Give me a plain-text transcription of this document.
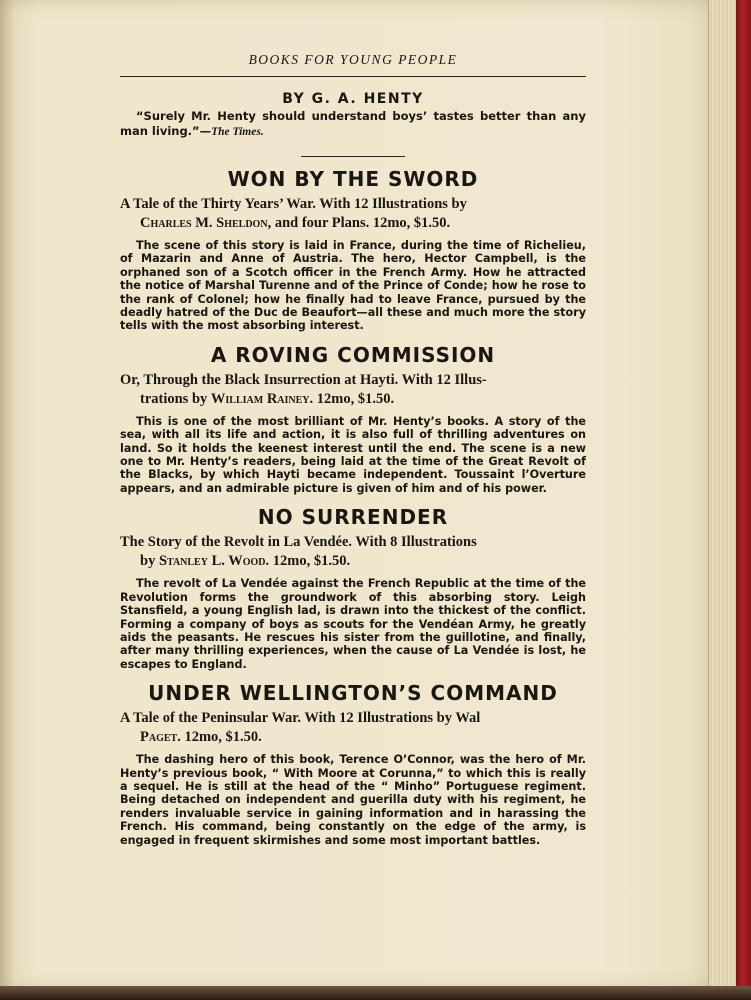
BOOKS FOR YOUNG PEOPLE

BY G. A. HENTY

“Surely Mr. Henty should understand boys’ tastes better than any man living.”—The Times.

WON BY THE SWORD

A Tale of the Thirty Years’ War. With 12 Illustrations by
Charles M. Sheldon, and four Plans. 12mo, $1.50.

The scene of this story is laid in France, during the time of Richelieu, of Mazarin and Anne of Austria. The hero, Hector Campbell, is the orphaned son of a Scotch officer in the French Army. How he attracted the notice of Marshal Turenne and of the Prince of Conde; how he rose to the rank of Colonel; how he finally had to leave France, pursued by the deadly hatred of the Duc de Beaufort—all these and much more the story tells with the most absorbing interest.

A ROVING COMMISSION

Or, Through the Black Insurrection at Hayti. With 12 Illus-
trations by William Rainey. 12mo, $1.50.

This is one of the most brilliant of Mr. Henty’s books. A story of the sea, with all its life and action, it is also full of thrilling adventures on land. So it holds the keenest interest until the end. The scene is a new one to Mr. Henty’s readers, being laid at the time of the Great Revolt of the Blacks, by which Hayti became independent. Toussaint l’Overture appears, and an admirable picture is given of him and of his power.

NO SURRENDER

The Story of the Revolt in La Vendée. With 8 Illustrations
by Stanley L. Wood. 12mo, $1.50.

The revolt of La Vendée against the French Republic at the time of the Revolution forms the groundwork of this absorbing story. Leigh Stansfield, a young English lad, is drawn into the thickest of the conflict. Forming a company of boys as scouts for the Vendéan Army, he greatly aids the peasants. He rescues his sister from the guillotine, and finally, after many thrilling experiences, when the cause of La Vendée is lost, he escapes to England.

UNDER WELLINGTON’S COMMAND

A Tale of the Peninsular War. With 12 Illustrations by Wal
Paget. 12mo, $1.50.

The dashing hero of this book, Terence O’Connor, was the hero of Mr. Henty’s previous book, “ With Moore at Corunna,” to which this is really a sequel. He is still at the head of the “ Minho” Portuguese regiment. Being detached on independent and guerilla duty with his regiment, he renders invaluable service in gaining information and in harassing the French. His command, being constantly on the edge of the army, is engaged in frequent skirmishes and some most important battles.
